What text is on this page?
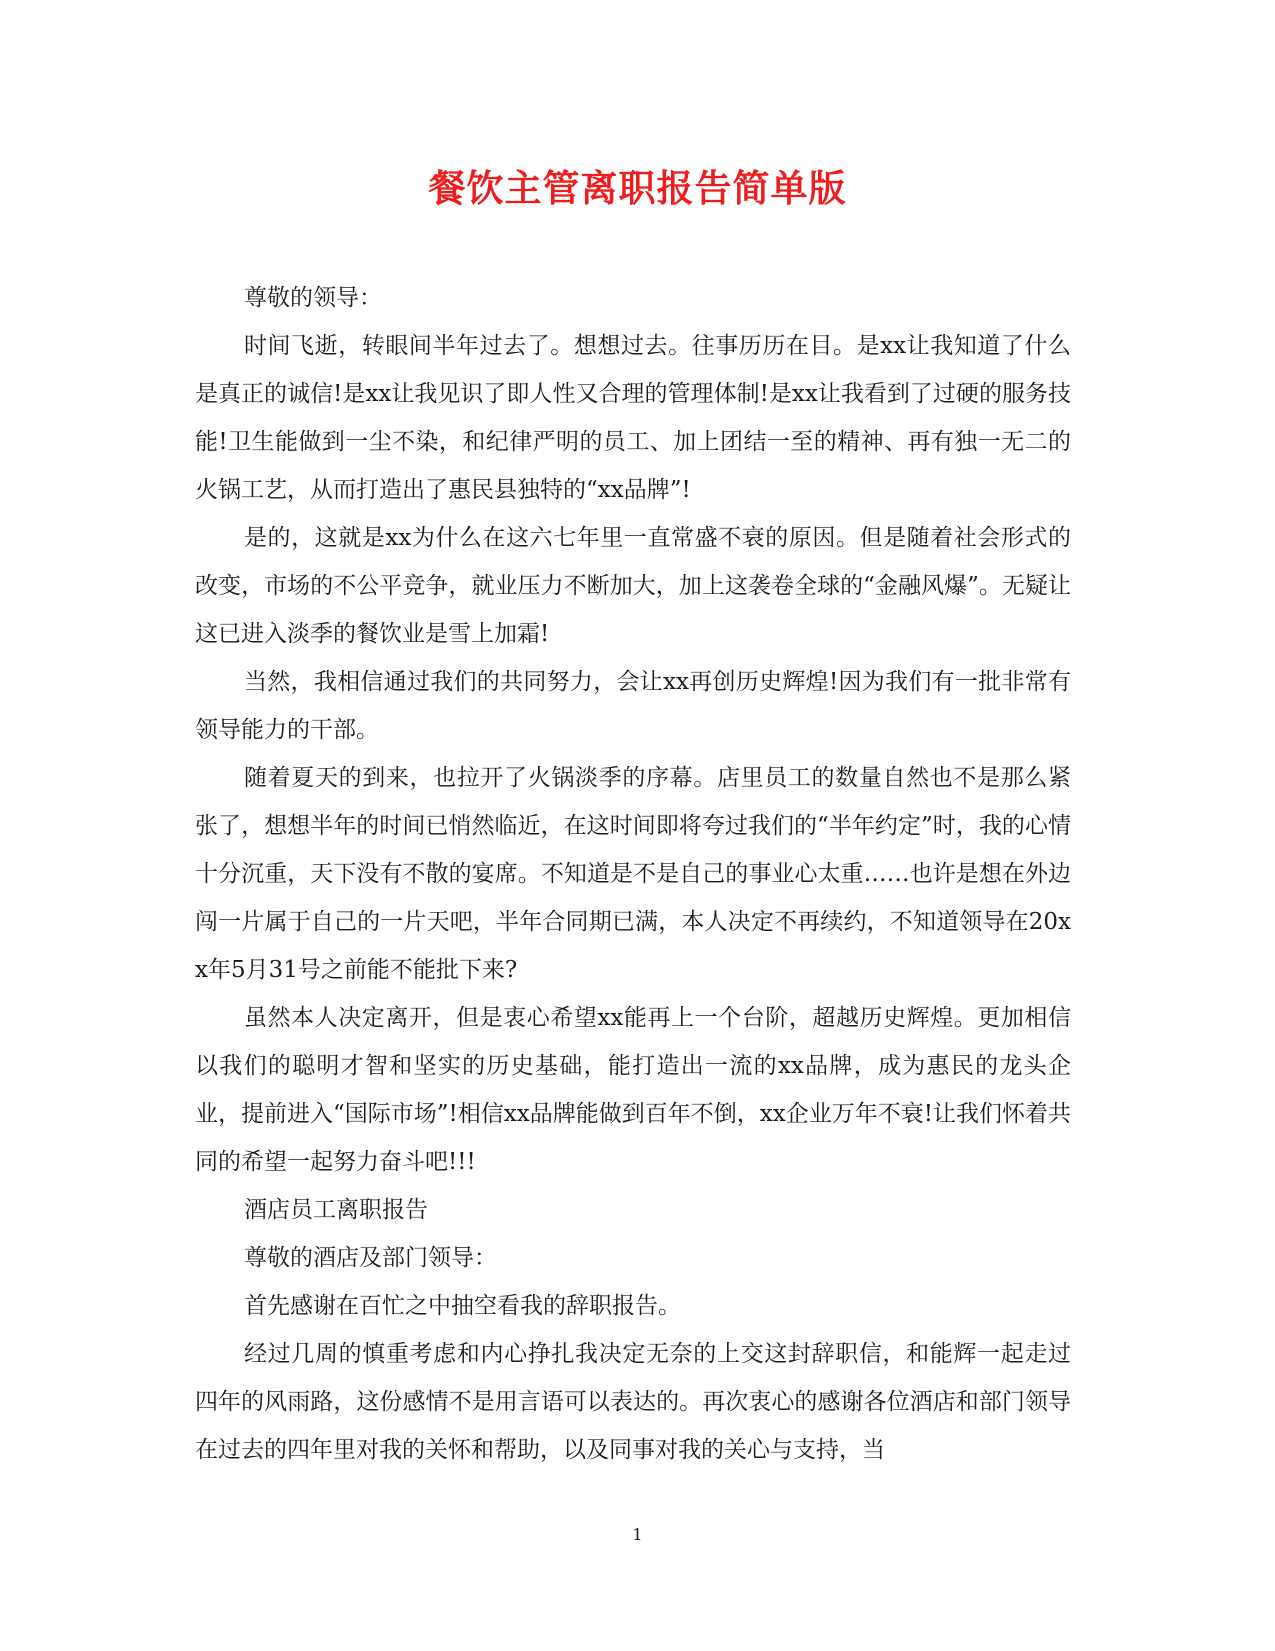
餐饮主管离职报告简单版

尊敬的领导：

时间飞逝，转眼间半年过去了。想想过去。往事历历在目。是xx让我知道了什么是真正的诚信!是xx让我见识了即人性又合理的管理体制!是xx让我看到了过硬的服务技能!卫生能做到一尘不染，和纪律严明的员工、加上团结一至的精神、再有独一无二的火锅工艺，从而打造出了惠民县独特的“xx品牌”!

是的，这就是xx为什么在这六七年里一直常盛不衰的原因。但是随着社会形式的改变，市场的不公平竞争，就业压力不断加大，加上这袭卷全球的“金融风爆”。无疑让这已进入淡季的餐饮业是雪上加霜!

当然，我相信通过我们的共同努力，会让xx再创历史辉煌!因为我们有一批非常有领导能力的干部。

随着夏天的到来，也拉开了火锅淡季的序幕。店里员工的数量自然也不是那么紧张了，想想半年的时间已悄然临近，在这时间即将夸过我们的“半年约定”时，我的心情十分沉重，天下没有不散的宴席。不知道是不是自己的事业心太重……也许是想在外边闯一片属于自己的一片天吧，半年合同期已满，本人决定不再续约，不知道领导在20xx年5月31号之前能不能批下来?

虽然本人决定离开，但是衷心希望xx能再上一个台阶，超越历史辉煌。更加相信以我们的聪明才智和坚实的历史基础，能打造出一流的xx品牌，成为惠民的龙头企业，提前进入“国际市场”!相信xx品牌能做到百年不倒，xx企业万年不衰!让我们怀着共同的希望一起努力奋斗吧!!!

酒店员工离职报告

尊敬的酒店及部门领导：

首先感谢在百忙之中抽空看我的辞职报告。

经过几周的慎重考虑和内心挣扎我决定无奈的上交这封辞职信，和能辉一起走过四年的风雨路，这份感情不是用言语可以表达的。再次衷心的感谢各位酒店和部门领导在过去的四年里对我的关怀和帮助，以及同事对我的关心与支持，当

1
